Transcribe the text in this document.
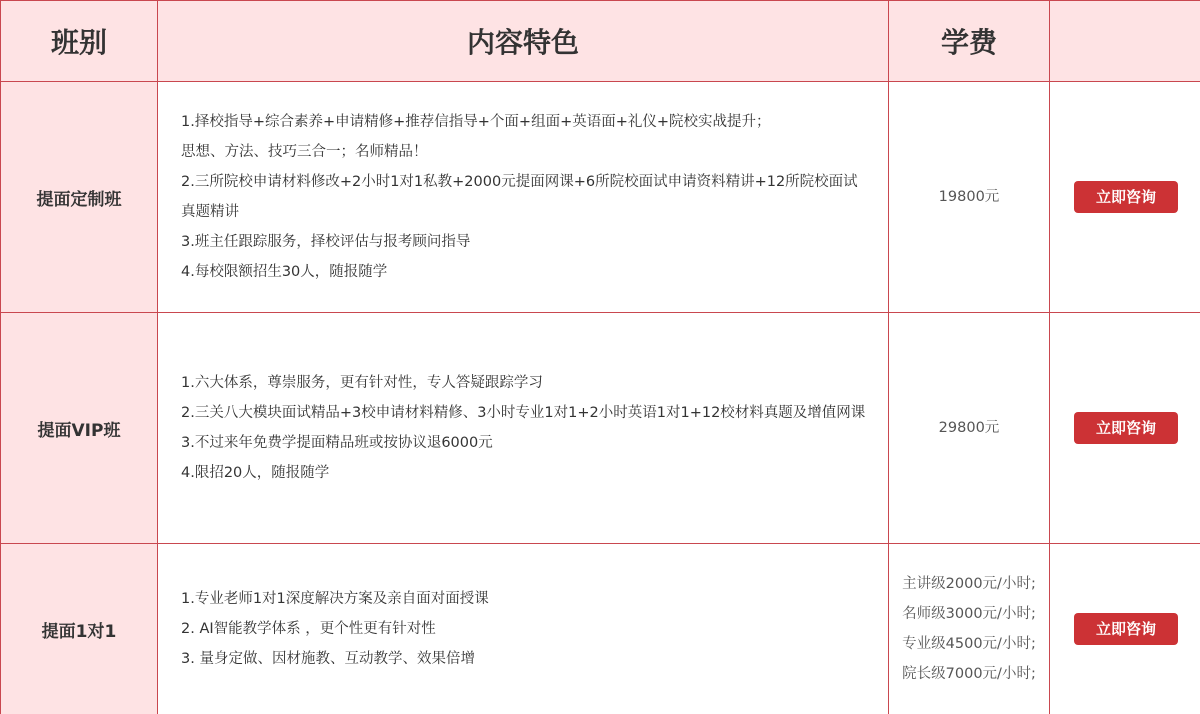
班别	内容特色	学费	
提面定制班	1.择校指导+综合素养+申请精修+推荐信指导+个面+组面+英语面+礼仪+院校实战提升；
思想、方法、技巧三合一；名师精品！
2.三所院校申请材料修改+2小时1对1私教+2000元提面网课+6所院校面试申请资料精讲+12所院校面试真题精讲
3.班主任跟踪服务，择校评估与报考顾问指导
4.每校限额招生30人，随报随学	19800元	立即咨询
提面VIP班	1.六大体系，尊崇服务，更有针对性，专人答疑跟踪学习
2.三关八大模块面试精品+3校申请材料精修、3小时专业1对1+2小时英语1对1+12校材料真题及增值网课
3.不过来年免费学提面精品班或按协议退6000元
4.限招20人，随报随学	29800元	立即咨询
提面1对1	1.专业老师1对1深度解决方案及亲自面对面授课
2. AI智能教学体系 ，更个性更有针对性
3. 量身定做、因材施教、互动教学、效果倍增	主讲级2000元/小时;
名师级3000元/小时;
专业级4500元/小时;
院长级7000元/小时;	立即咨询
